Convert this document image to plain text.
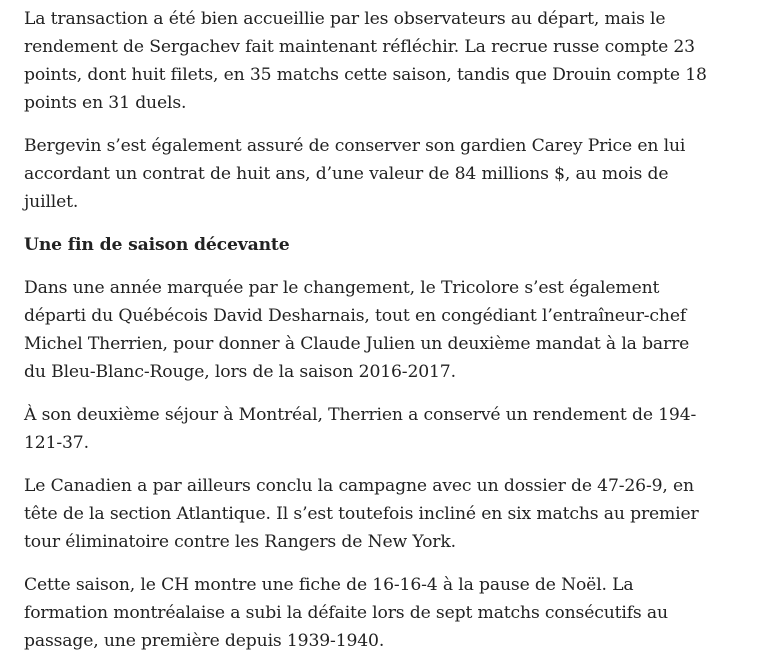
La transaction a été bien accueillie par les observateurs au départ, mais le
rendement de Sergachev fait maintenant réfléchir. La recrue russe compte 23
points, dont huit filets, en 35 matchs cette saison, tandis que Drouin compte 18
points en 31 duels.

Bergevin s’est également assuré de conserver son gardien Carey Price en lui
accordant un contrat de huit ans, d’une valeur de 84 millions $, au mois de
juillet.

Une fin de saison décevante

Dans une année marquée par le changement, le Tricolore s’est également
départi du Québécois David Desharnais, tout en congédiant l’entraîneur-chef
Michel Therrien, pour donner à Claude Julien un deuxième mandat à la barre
du Bleu-Blanc-Rouge, lors de la saison 2016-2017.

À son deuxième séjour à Montréal, Therrien a conservé un rendement de 194-
121-37.

Le Canadien a par ailleurs conclu la campagne avec un dossier de 47-26-9, en
tête de la section Atlantique. Il s’est toutefois incliné en six matchs au premier
tour éliminatoire contre les Rangers de New York.

Cette saison, le CH montre une fiche de 16-16-4 à la pause de Noël. La
formation montréalaise a subi la défaite lors de sept matchs consécutifs au
passage, une première depuis 1939-1940.
